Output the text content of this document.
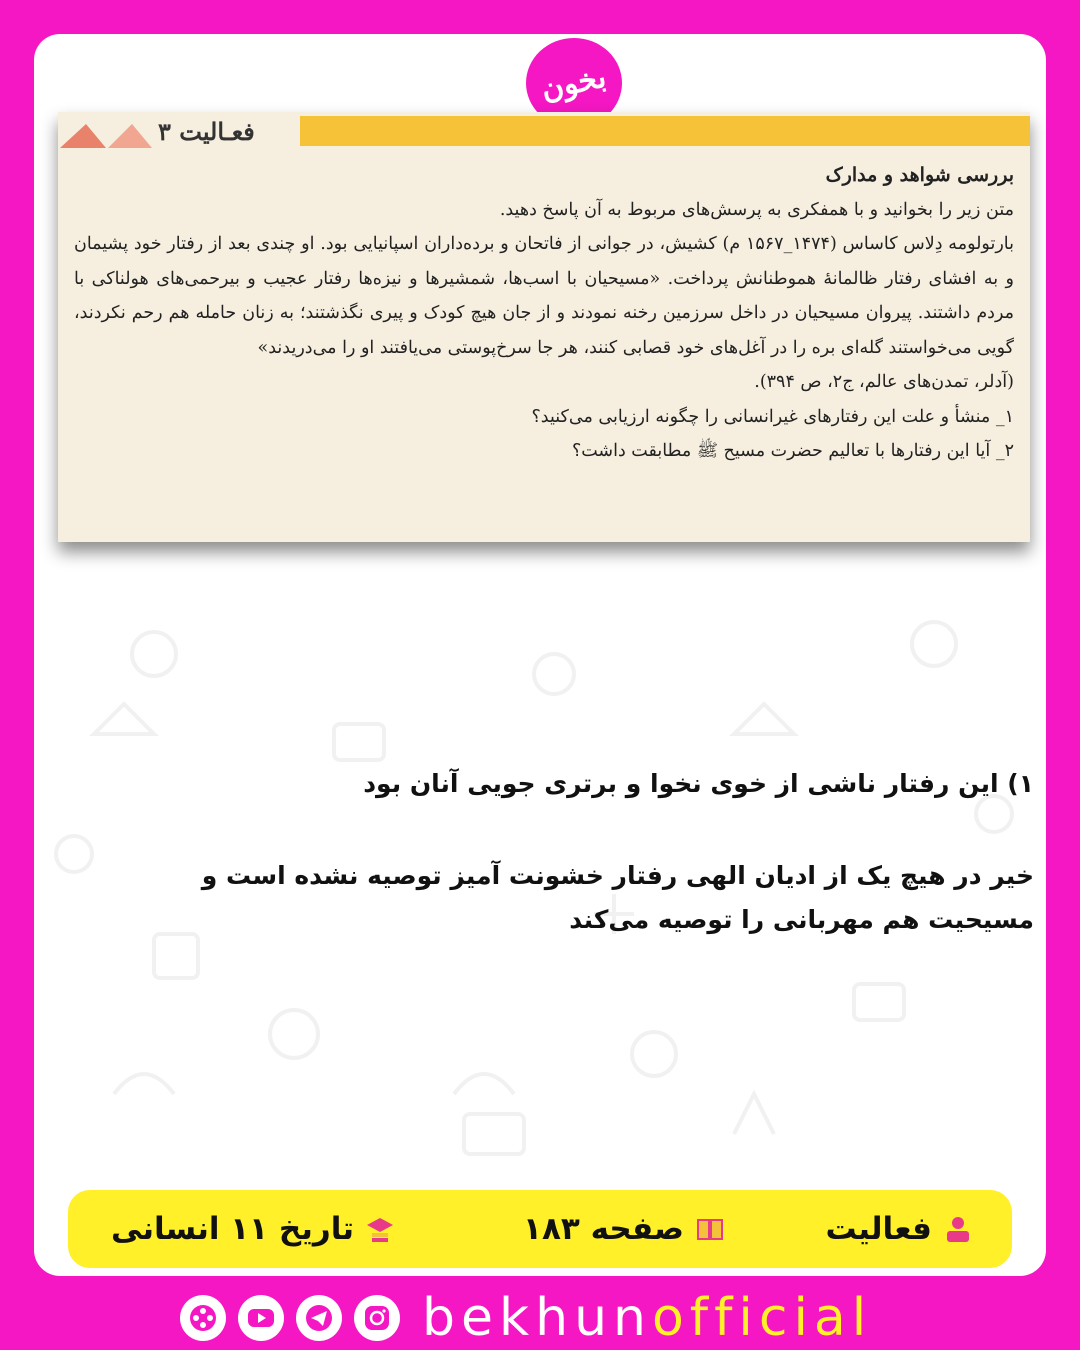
بخون
فعـالیت ۳

بررسی شواهد و مدارک

متن زیر را بخوانید و با همفکری به پرسش‌های مربوط به آن پاسخ دهید.

بارتولومه دِلاس کاساس (۱۴۷۴_۱۵۶۷ م) کشیش، در جوانی از فاتحان و برده‌داران اسپانیایی بود. او چندی بعد از رفتار خود پشیمان و به افشای رفتار ظالمانهٔ هموطنانش پرداخت. «مسیحیان با اسب‌ها، شمشیرها و نیزه‌ها رفتار عجیب و بیرحمی‌های هولناکی با مردم داشتند. پیروان مسیحیان در داخل سرزمین رخنه نمودند و از جان هیچ کودک و پیری نگذشتند؛ به زنان حامله هم رحم نکردند، گویی می‌خواستند گله‌ای بره را در آغل‌های خود قصابی کنند، هر جا سرخ‌پوستی می‌یافتند او را می‌دریدند»

(آدلر، تمدن‌های عالم، ج۲، ص ۳۹۴).

۱_ منشأ و علت این رفتارهای غیرانسانی را چگونه ارزیابی می‌کنید؟

۲_ آیا این رفتارها با تعالیم حضرت مسیح ﷺ مطابقت داشت؟

۱) این رفتار ناشی از خوی نخوا و برتری جویی آنان بود

خیر در هیچ یک از ادیان الهی رفتار خشونت آمیز توصیه نشده است و مسیحیت هم مهربانی را توصیه می‌کند

فعالیت
صفحه ۱۸۳
تاریخ ۱۱ انسانی
bekhunofficial
